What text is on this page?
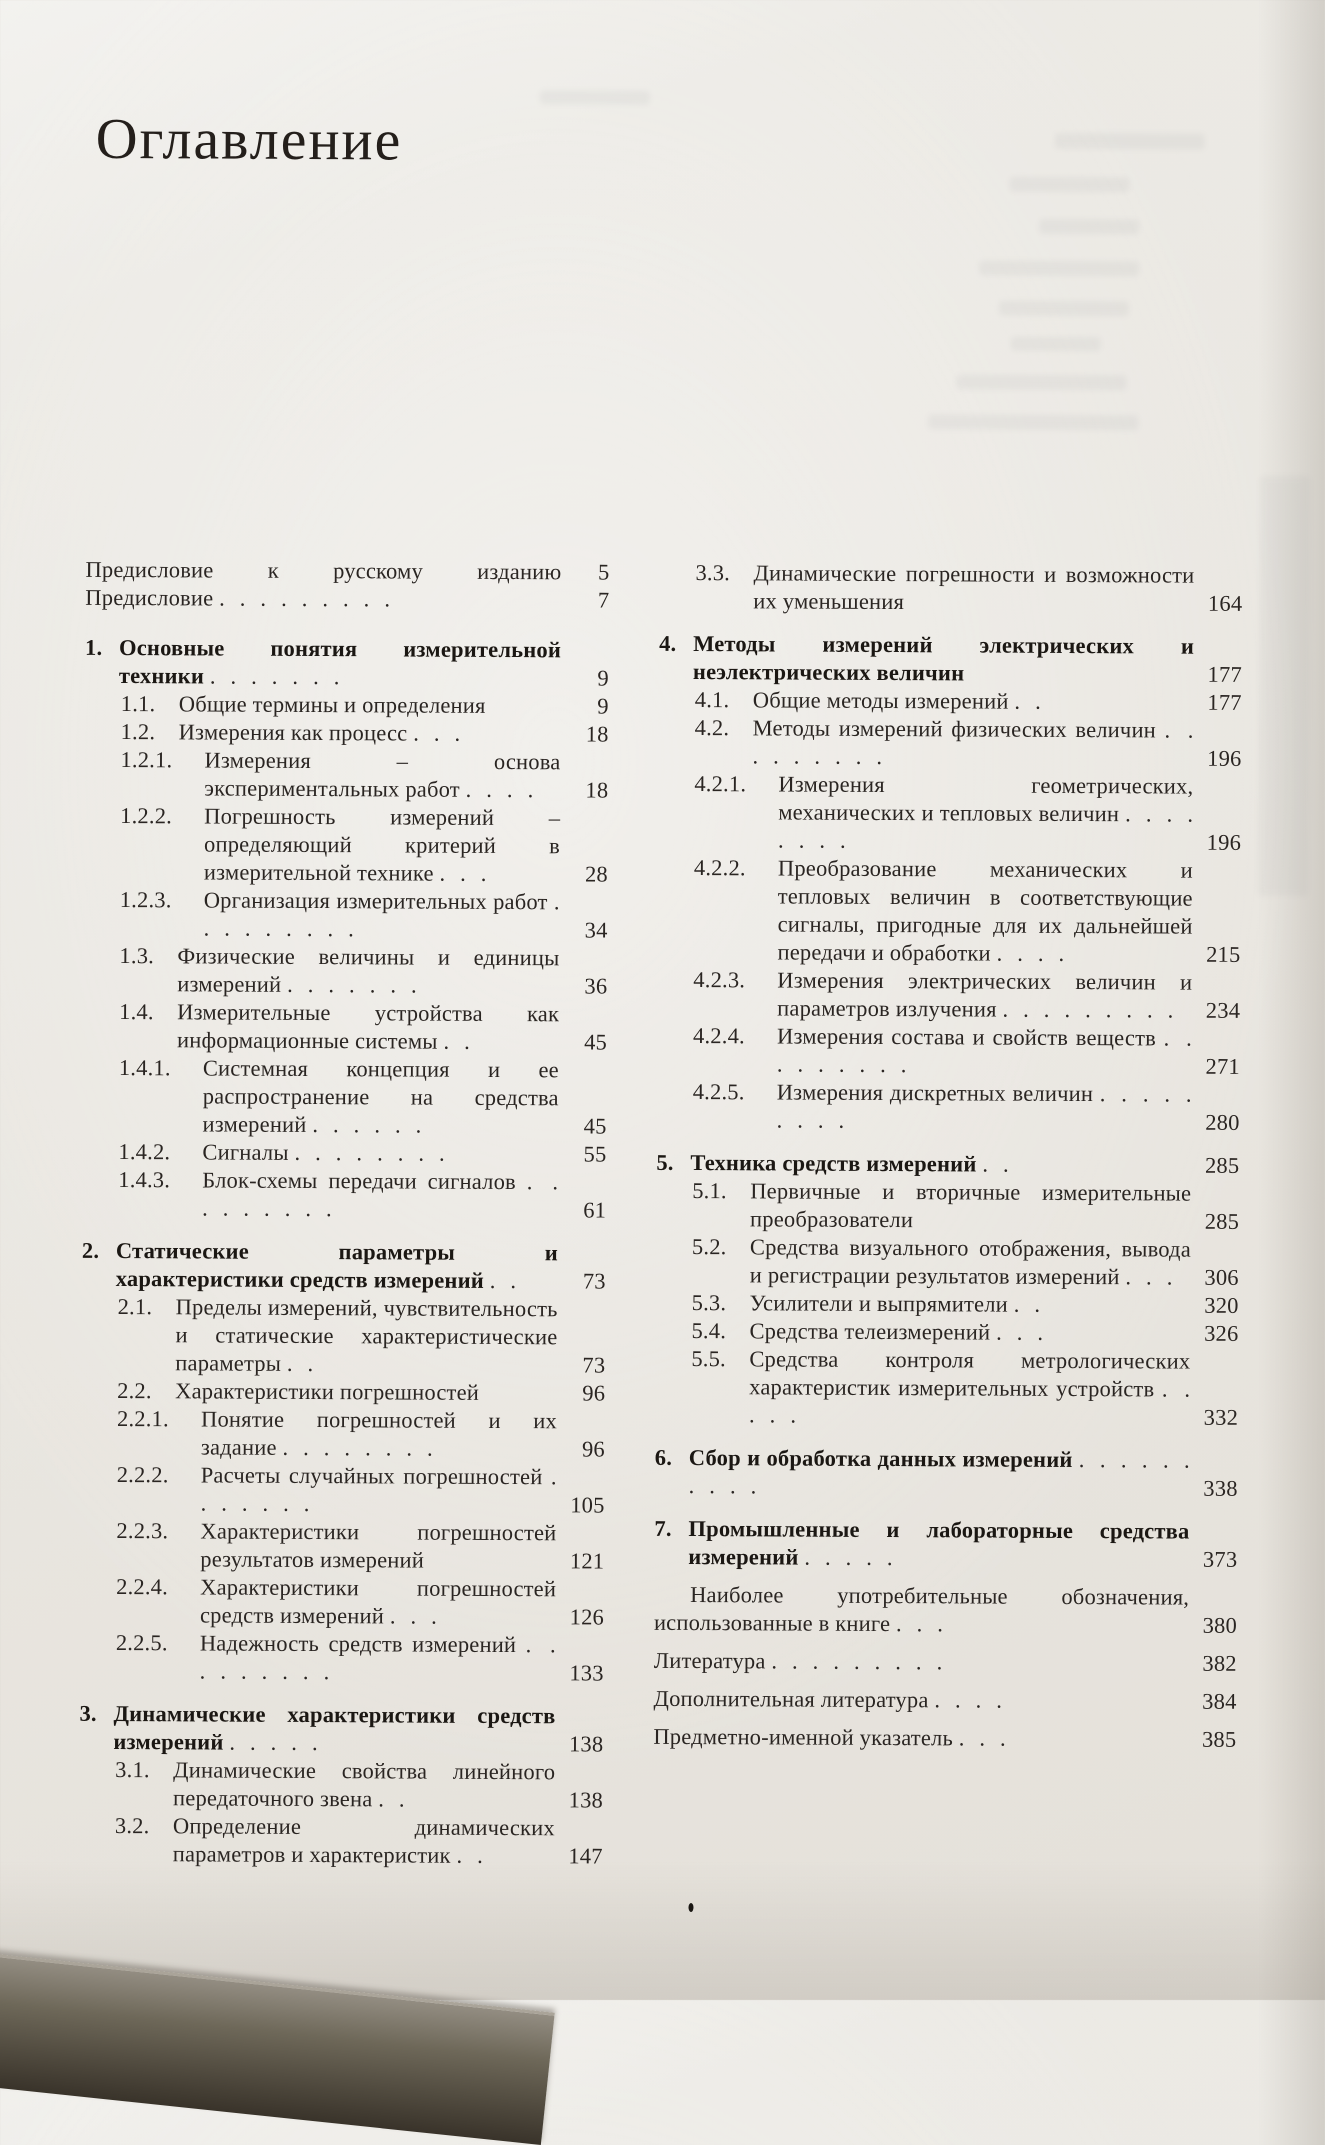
Оглавление
Предисловие к русскому изданию	5
Предисловие . . . . . . . . .	7
1. Основные понятия измерительной техники . . . . . . .	9
1.1.	Общие термины и определения	9
1.2.	Измерения как процесс . . .	18
1.2.1.	Измерения – основа экспериментальных работ . . . .	18
1.2.2.	Погрешность измерений – определяющий критерий в измерительной технике . . .	28
1.2.3.	Организация измерительных работ . . . . . . . . .	34
1.3.	Физические величины и единицы измерений . . . . . . .	36
1.4.	Измерительные устройства как информационные системы . .	45
1.4.1.	Системная концепция и ее распространение на средства измерений . . . . . .	45
1.4.2.	Сигналы . . . . . . . .	55
1.4.3.	Блок-схемы передачи сигналов . . . . . . . . .	61
2. Статические параметры и характеристики средств измерений . .	73
2.1.	Пределы измерений, чувствительность и статические характеристические параметры . .	73
2.2.	Характеристики погрешностей	96
2.2.1.	Понятие погрешностей и их задание . . . . . . . .	96
2.2.2.	Расчеты случайных погрешностей . . . . . . .	105
2.2.3.	Характеристики погрешностей результатов измерений	121
2.2.4.	Характеристики погрешностей средств измерений . . .	126
2.2.5.	Надежность средств измерений . . . . . . . . .	133
3. Динамические характеристики средств измерений . . . . .	138
3.1.	Динамические свойства линейного передаточного звена . .	138
3.2.	Определение динамических параметров и характеристик . .	147
3.3.	Динамические погрешности и возможности их уменьшения	164
4. Методы измерений электрических и неэлектрических величин	177
4.1.	Общие методы измерений . .	177
4.2.	Методы измерений физических величин . . . . . . . . .	196
4.2.1.	Измерения геометрических, механических и тепловых величин . . . . . . . .	196
4.2.2.	Преобразование механических и тепловых величин в соответствующие сигналы, пригодные для их дальнейшей передачи и обработки . . . .	215
4.2.3.	Измерения электрических величин и параметров излучения . . . . . . . . .	234
4.2.4.	Измерения состава и свойств веществ . . . . . . . . .	271
4.2.5.	Измерения дискретных величин . . . . . . . . .	280
5. Техника средств измерений . .	285
5.1.	Первичные и вторичные измерительные преобразователи	285
5.2.	Средства визуального отображения, вывода и регистрации результатов измерений . . .	306
5.3.	Усилители и выпрямители . .	320
5.4.	Средства телеизмерений . . .	326
5.5.	Средства контроля метрологических характеристик измерительных устройств . . . . .	332
6. Сбор и обработка данных измерений . . . . . . . . . .	338
7. Промышленные и лабораторные средства измерений . . . . .	373
Наиболее употребительные обозначения, использованные в книге . . .	380
Литература . . . . . . . . .	382
Дополнительная литература . . . .	384
Предметно-именной указатель . . .	385
